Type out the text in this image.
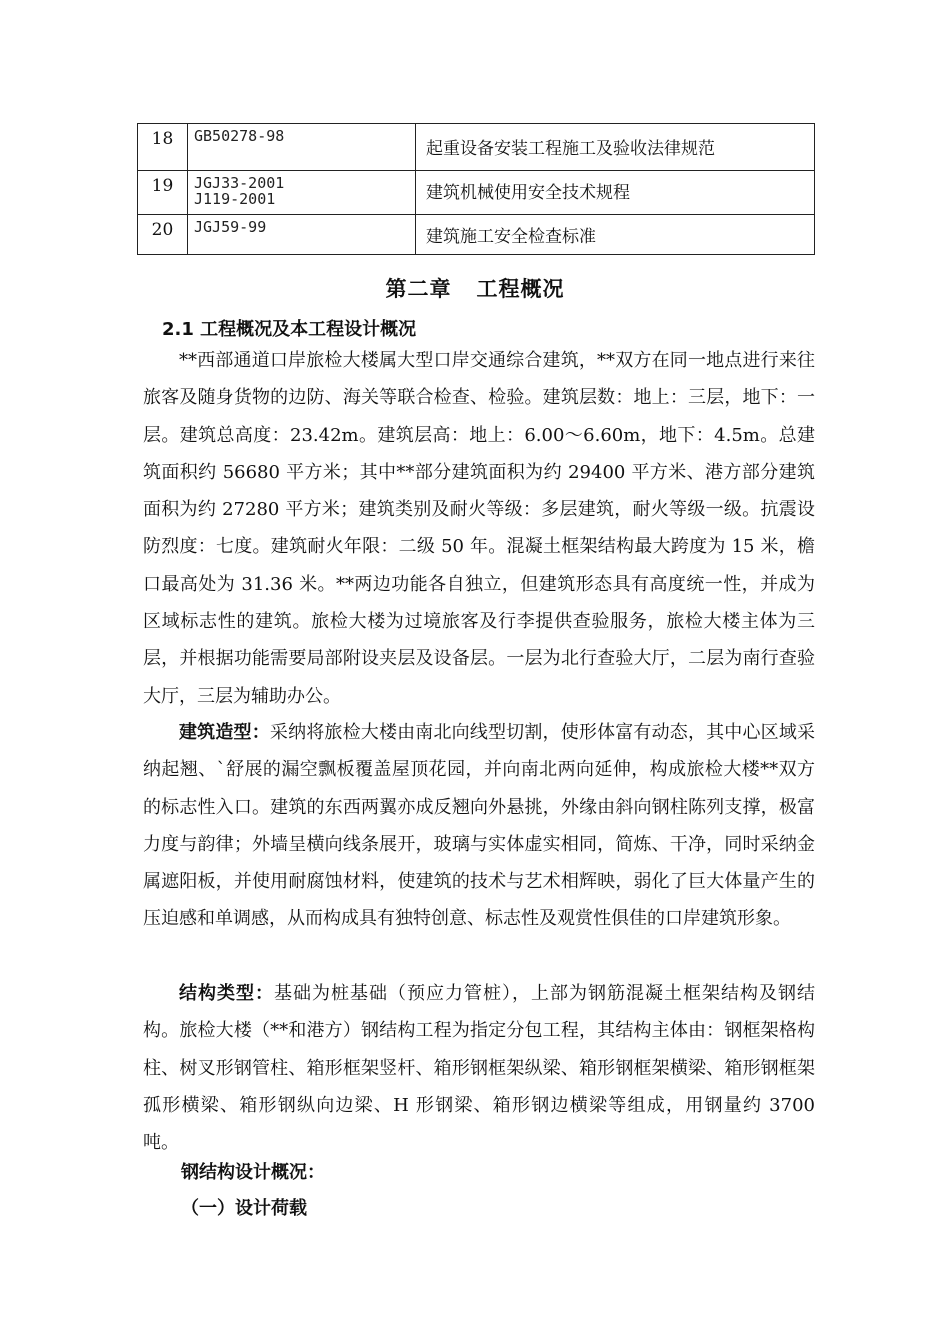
18	GB50278-98	起重设备安装工程施工及验收法律规范
19	JGJ33-2001
J119-2001	建筑机械使用安全技术规程
20	JGJ59-99	建筑施工安全检查标准
第二章   工程概况
2.1 工程概况及本工程设计概况

**西部通道口岸旅检大楼属大型口岸交通综合建筑，**双方在同一地点进行来往旅客及随身货物的边防、海关等联合检查、检验。建筑层数：地上：三层，地下：一层。建筑总高度：23.42m。建筑层高：地上：6.00～6.60m，地下：4.5m。总建筑面积约 56680 平方米；其中**部分建筑面积为约 29400 平方米、港方部分建筑面积为约 27280 平方米；建筑类别及耐火等级：多层建筑，耐火等级一级。抗震设防烈度：七度。建筑耐火年限：二级 50 年。混凝土框架结构最大跨度为 15 米，檐口最高处为 31.36 米。**两边功能各自独立，但建筑形态具有高度统一性，并成为区域标志性的建筑。旅检大楼为过境旅客及行李提供查验服务，旅检大楼主体为三层，并根据功能需要局部附设夹层及设备层。一层为北行查验大厅，二层为南行查验大厅，三层为辅助办公。

建筑造型：采纳将旅检大楼由南北向线型切割，使形体富有动态，其中心区域采纳起翘、`舒展的漏空飘板覆盖屋顶花园，并向南北两向延伸，构成旅检大楼**双方的标志性入口。建筑的东西两翼亦成反翘向外悬挑，外缘由斜向钢柱陈列支撑，极富力度与韵律；外墙呈横向线条展开，玻璃与实体虚实相同，简炼、干净，同时采纳金属遮阳板，并使用耐腐蚀材料，使建筑的技术与艺术相辉映，弱化了巨大体量产生的压迫感和单调感，从而构成具有独特创意、标志性及观赏性俱佳的口岸建筑形象。

结构类型：基础为桩基础（预应力管桩），上部为钢筋混凝土框架结构及钢结构。旅检大楼（**和港方）钢结构工程为指定分包工程，其结构主体由：钢框架格构柱、树叉形钢管柱、箱形框架竖杆、箱形钢框架纵梁、箱形钢框架横梁、箱形钢框架孤形横梁、箱形钢纵向边梁、H 形钢梁、箱形钢边横梁等组成，用钢量约 3700 吨。

钢结构设计概况：
（一）设计荷载
